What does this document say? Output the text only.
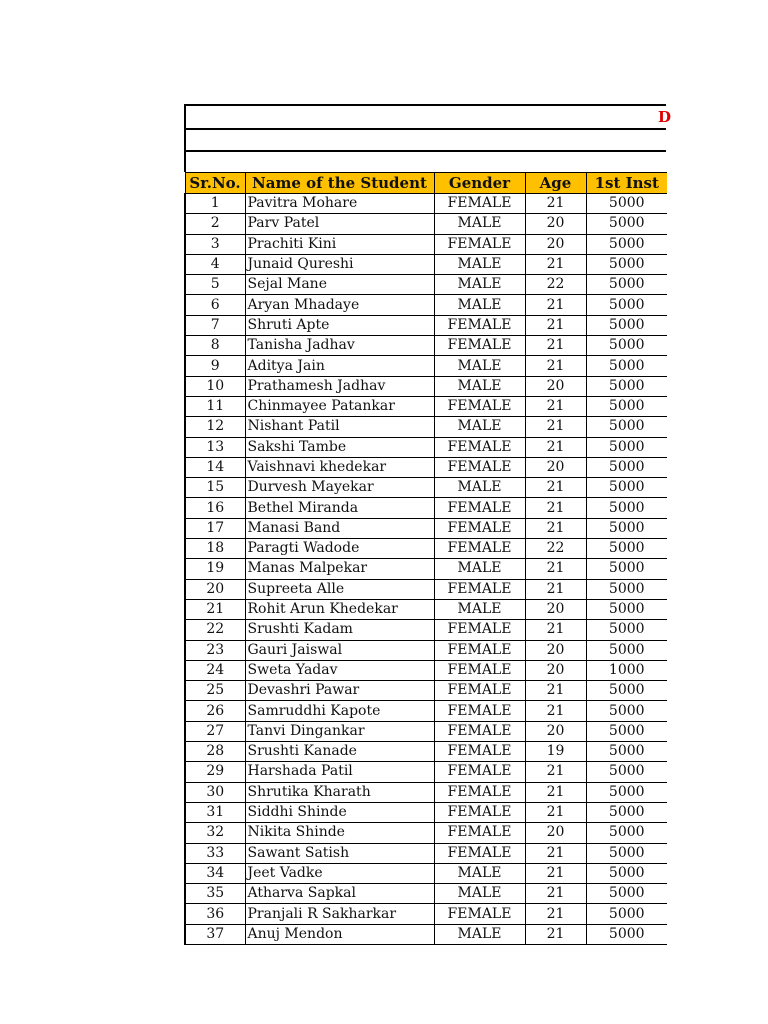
D
Sr.No.	Name of the Student	Gender	Age	1st Inst
1	Pavitra Mohare	FEMALE	21	5000
2	Parv Patel	MALE	20	5000
3	Prachiti Kini	FEMALE	20	5000
4	Junaid Qureshi	MALE	21	5000
5	Sejal Mane	MALE	22	5000
6	Aryan Mhadaye	MALE	21	5000
7	Shruti Apte	FEMALE	21	5000
8	Tanisha Jadhav	FEMALE	21	5000
9	Aditya Jain	MALE	21	5000
10	Prathamesh Jadhav	MALE	20	5000
11	Chinmayee Patankar	FEMALE	21	5000
12	Nishant Patil	MALE	21	5000
13	Sakshi Tambe	FEMALE	21	5000
14	Vaishnavi khedekar	FEMALE	20	5000
15	Durvesh Mayekar	MALE	21	5000
16	Bethel Miranda	FEMALE	21	5000
17	Manasi Band	FEMALE	21	5000
18	Paragti Wadode	FEMALE	22	5000
19	Manas Malpekar	MALE	21	5000
20	Supreeta Alle	FEMALE	21	5000
21	Rohit Arun Khedekar	MALE	20	5000
22	Srushti Kadam	FEMALE	21	5000
23	Gauri Jaiswal	FEMALE	20	5000
24	Sweta Yadav	FEMALE	20	1000
25	Devashri Pawar	FEMALE	21	5000
26	Samruddhi Kapote	FEMALE	21	5000
27	Tanvi Dingankar	FEMALE	20	5000
28	Srushti Kanade	FEMALE	19	5000
29	Harshada Patil	FEMALE	21	5000
30	Shrutika Kharath	FEMALE	21	5000
31	Siddhi Shinde	FEMALE	21	5000
32	Nikita Shinde	FEMALE	20	5000
33	Sawant Satish	FEMALE	21	5000
34	Jeet Vadke	MALE	21	5000
35	Atharva Sapkal	MALE	21	5000
36	Pranjali R Sakharkar	FEMALE	21	5000
37	Anuj Mendon	MALE	21	5000
